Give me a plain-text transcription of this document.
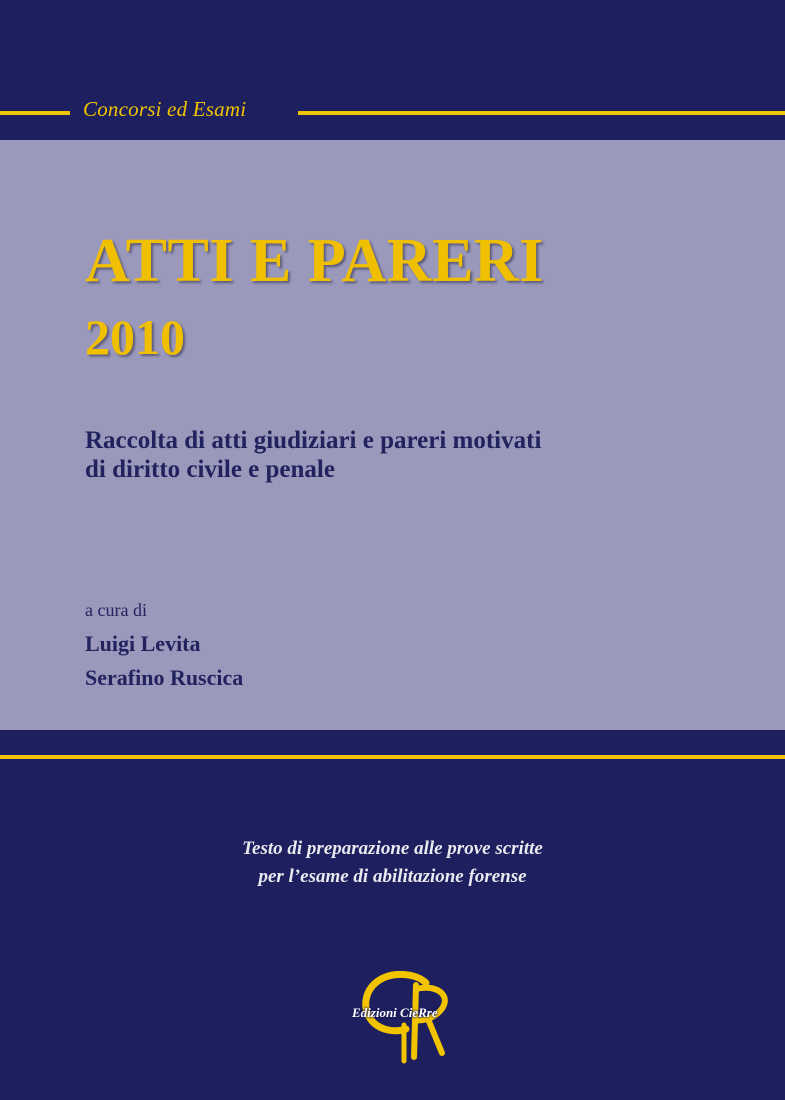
Concorsi ed Esami
ATTI E PARERI
2010
Raccolta di atti giudiziari e pareri motivati
di diritto civile e penale
a cura di
Luigi Levita
Serafino Ruscica
Testo di preparazione alle prove scritte
per l’esame di abilitazione forense
Edizioni CieRre
